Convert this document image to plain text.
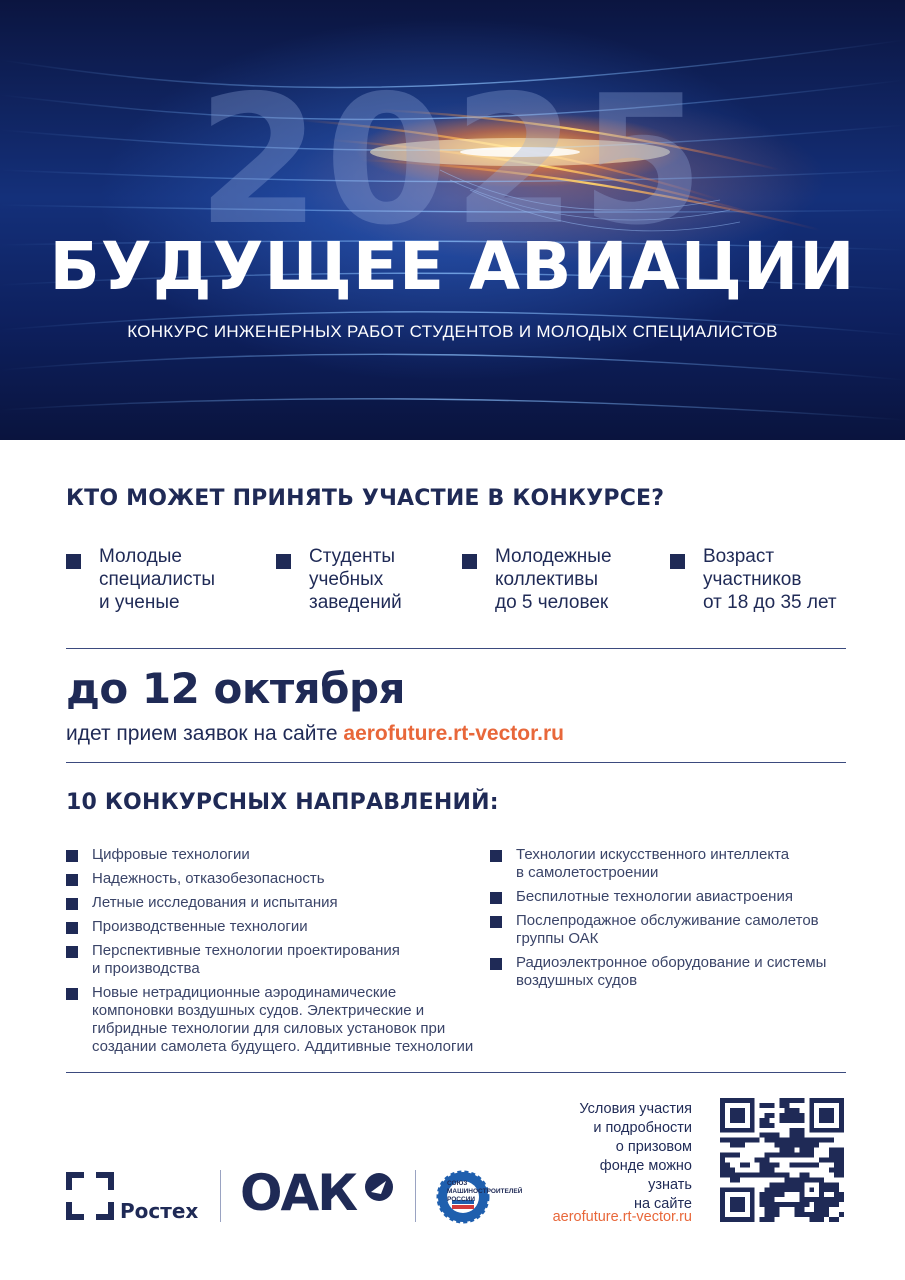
2025
БУДУЩЕЕ АВИАЦИИ
КОНКУРС ИНЖЕНЕРНЫХ РАБОТ СТУДЕНТОВ И МОЛОДЫХ СПЕЦИАЛИСТОВ
КТО МОЖЕТ ПРИНЯТЬ УЧАСТИЕ В КОНКУРСЕ?
Молодые
специалисты
и ученые
Студенты
учебных
заведений
Молодежные
коллективы
до 5 человек
Возраст
участников
от 18 до 35 лет
до 12 октября
идет прием заявок на сайте aerofuture.rt-vector.ru
10 КОНКУРСНЫХ НАПРАВЛЕНИЙ:
Цифровые технологии
Надежность, отказобезопасность
Летные исследования и испытания
Производственные технологии
Перспективные технологии проектирования
и производства
Новые нетрадиционные аэродинамические
компоновки воздушных судов. Электрические и
гибридные технологии для силовых установок при
создании самолета будущего. Аддитивные технологии
Технологии искусственного интеллекта
в самолетостроении
Беспилотные технологии авиастроения
Послепродажное обслуживание самолетов
группы ОАК
Радиоэлектронное оборудование и системы
воздушных судов
Ростех ОАК	СОЮЗ МАШИНОСТРОИТЕЛЕЙ РОССИИ
Условия участия
и подробности
о призовом
фонде можно
узнать
на сайте
aerofuture.rt-vector.ru
